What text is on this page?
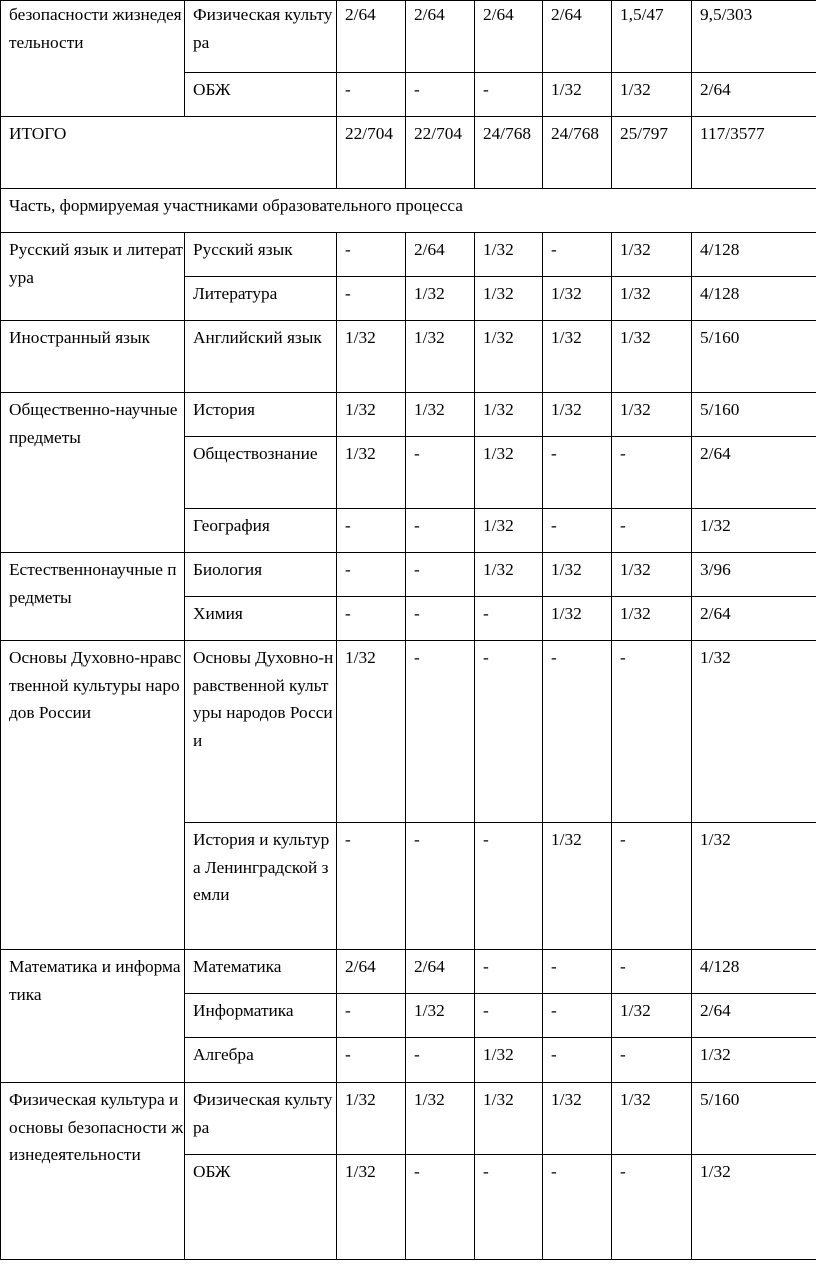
безопасности жизнедеятельности	Физическая культура	2/64	2/64	2/64	2/64	1,5/47	9,5/303
	ОБЖ	-	-	-	1/32	1/32	2/64
ИТОГО		22/704	22/704	24/768	24/768	25/797	117/3577
Часть, формируемая участниками образовательного процесса							
Русский язык и литература	Русский язык	-	2/64	1/32	-	1/32	4/128
	Литература	-	1/32	1/32	1/32	1/32	4/128
Иностранный язык	Английский язык	1/32	1/32	1/32	1/32	1/32	5/160
Общественно-научные предметы	История	1/32	1/32	1/32	1/32	1/32	5/160
	Обществознание	1/32	-	1/32	-	-	2/64
	География	-	-	1/32	-	-	1/32
Естественнонаучные предметы	Биология	-	-	1/32	1/32	1/32	3/96
	Химия	-	-	-	1/32	1/32	2/64
Основы Духовно-нравственной культуры народов России	Основы Духовно-нравственной культуры народов России	1/32	-	-	-	-	1/32
	История и культура Ленинградской земли	-	-	-	1/32	-	1/32
Математика и информатика	Математика	2/64	2/64	-	-	-	4/128
	Информатика	-	1/32	-	-	1/32	2/64
	Алгебра	-	-	1/32	-	-	1/32
Физическая культура и основы безопасности жизнедеятельности	Физическая культура	1/32	1/32	1/32	1/32	1/32	5/160
	ОБЖ	1/32	-	-	-	-	1/32
